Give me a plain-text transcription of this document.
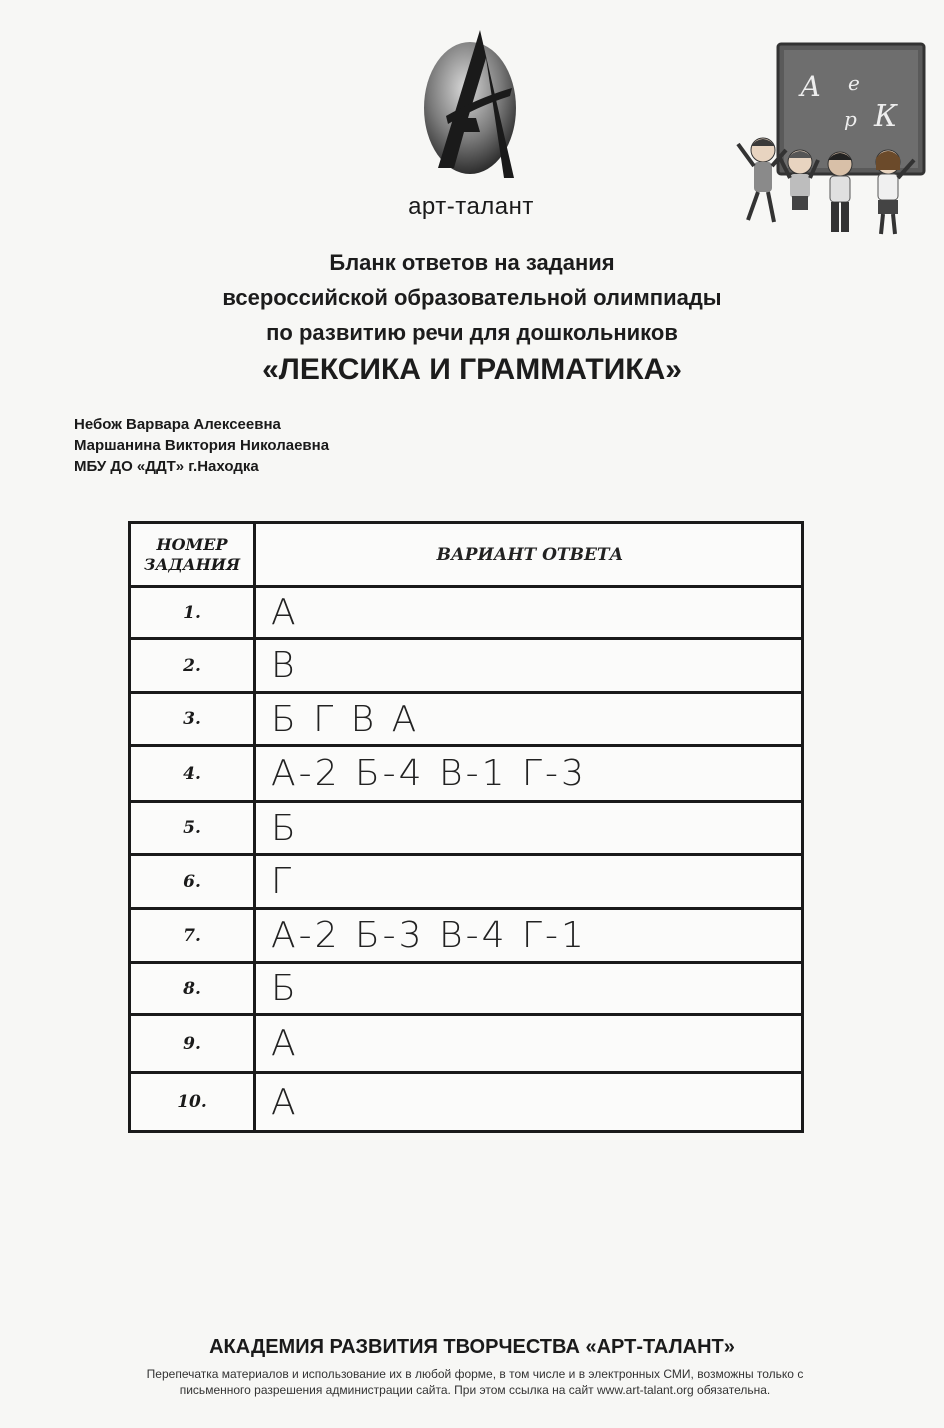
арт-талант
А е
р К
Бланк ответов на задания
всероссийской образовательной олимпиады
по развитию речи для дошкольников
«ЛЕКСИКА И ГРАММАТИКА»
Небож Варвара Алексеевна
Маршанина Виктория Николаевна
МБУ ДО «ДДТ» г.Находка
НОМЕР
ЗАДАНИЯ	ВАРИАНТ ОТВЕТА
1.	А
2.	В
3.	Б Г В А
4.	А-2 Б-4 В-1 Г-3
5.	Б
6.	Г
7.	А-2 Б-3 В-4 Г-1
8.	Б
9.	А
10.	А
АКАДЕМИЯ РАЗВИТИЯ ТВОРЧЕСТВА «АРТ-ТАЛАНТ»
Перепечатка материалов и использование их в любой форме, в том числе и в электронных СМИ, возможны только с
письменного разрешения администрации сайта. При этом ссылка на сайт www.art-talant.org обязательна.
